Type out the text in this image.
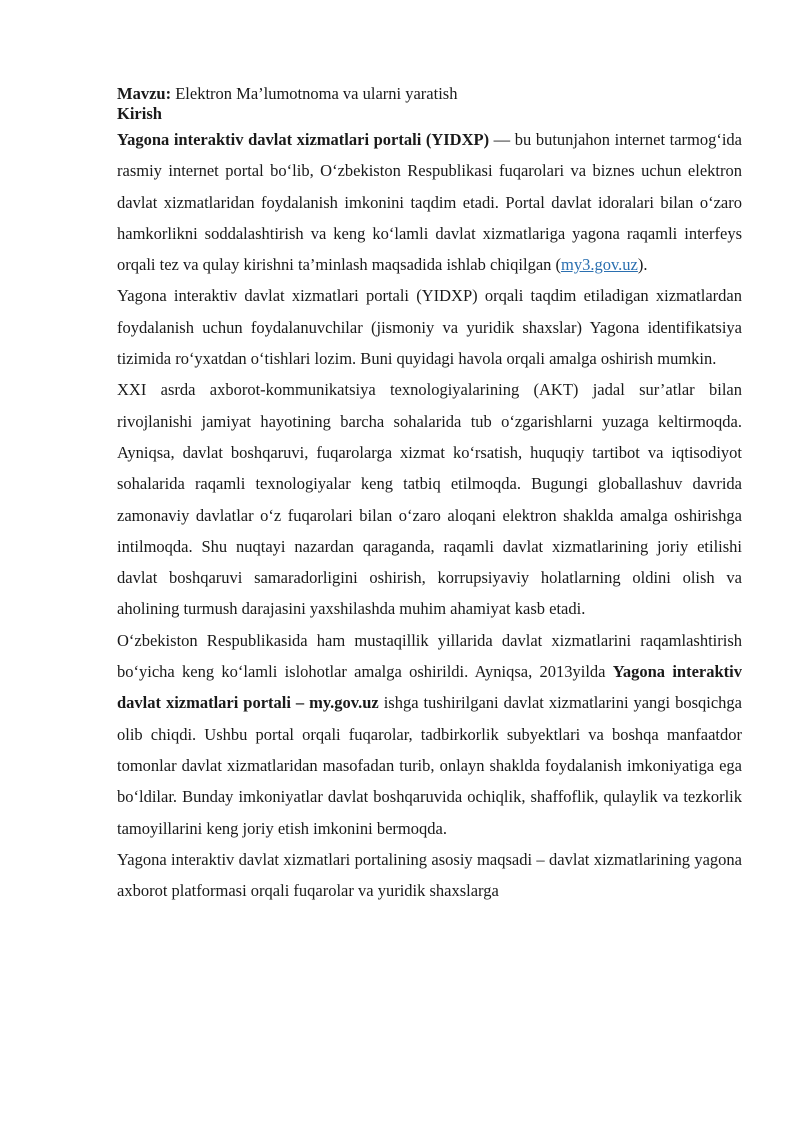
Mavzu: Elektron Ma’lumotnoma va ularni yaratish

Kirish

Yagona interaktiv davlat xizmatlari portali (YIDXP) — bu butunjahon internet tarmog‘ida rasmiy internet portal bo‘lib, O‘zbekiston Respublikasi fuqarolari va biznes uchun elektron davlat xizmatlaridan foydalanish imkonini taqdim etadi. Portal davlat idoralari bilan o‘zaro hamkorlikni soddalashtirish va keng ko‘lamli davlat xizmatlariga yagona raqamli interfeys orqali tez va qulay kirishni ta’minlash maqsadida ishlab chiqilgan (my3.gov.uz).

Yagona interaktiv davlat xizmatlari portali (YIDXP) orqali taqdim etiladigan xizmatlardan foydalanish uchun foydalanuvchilar (jismoniy va yuridik shaxslar) Yagona identifikatsiya tizimida ro‘yxatdan o‘tishlari lozim. Buni quyidagi havola orqali amalga oshirish mumkin.

XXI asrda axborot-kommunikatsiya texnologiyalarining (AKT) jadal sur’atlar bilan rivojlanishi jamiyat hayotining barcha sohalarida tub o‘zgarishlarni yuzaga keltirmoqda. Ayniqsa, davlat boshqaruvi, fuqarolarga xizmat ko‘rsatish, huquqiy tartibot va iqtisodiyot sohalarida raqamli texnologiyalar keng tatbiq etilmoqda. Bugungi globallashuv davrida zamonaviy davlatlar o‘z fuqarolari bilan o‘zaro aloqani elektron shaklda amalga oshirishga intilmoqda. Shu nuqtayi nazardan qaraganda, raqamli davlat xizmatlarining joriy etilishi davlat boshqaruvi samaradorligini oshirish, korrupsiyaviy holatlarning oldini olish va aholining turmush darajasini yaxshilashda muhim ahamiyat kasb etadi.

O‘zbekiston Respublikasida ham mustaqillik yillarida davlat xizmatlarini raqamlashtirish bo‘yicha keng ko‘lamli islohotlar amalga oshirildi. Ayniqsa, 2013yilda Yagona interaktiv davlat xizmatlari portali – my.gov.uz ishga tushirilgani davlat xizmatlarini yangi bosqichga olib chiqdi. Ushbu portal orqali fuqarolar, tadbirkorlik subyektlari va boshqa manfaatdor tomonlar davlat xizmatlaridan masofadan turib, onlayn shaklda foydalanish imkoniyatiga ega bo‘ldilar. Bunday imkoniyatlar davlat boshqaruvida ochiqlik, shaffoflik, qulaylik va tezkorlik tamoyillarini keng joriy etish imkonini bermoqda.

Yagona interaktiv davlat xizmatlari portalining asosiy maqsadi – davlat xizmatlarining yagona axborot platformasi orqali fuqarolar va yuridik shaxslarga
